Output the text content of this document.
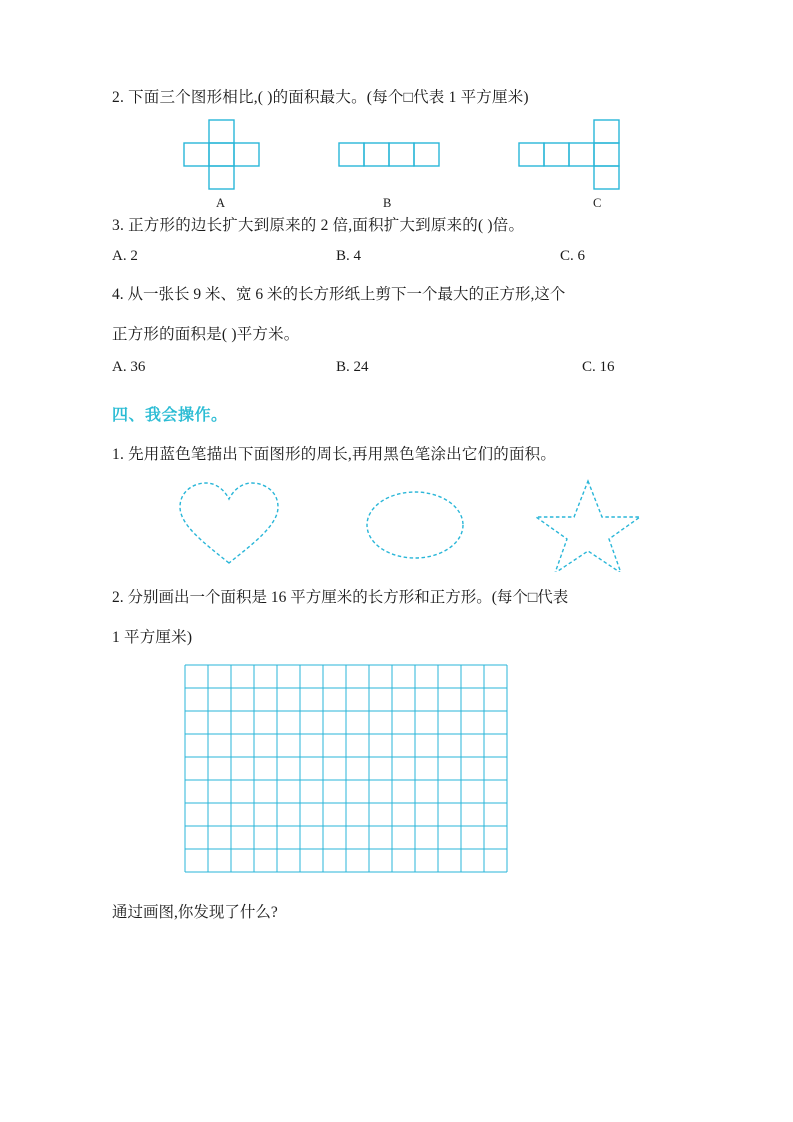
2. 下面三个图形相比,( )的面积最大。(每个□代表 1 平方厘米)

A	B	C

3. 正方形的边长扩大到原来的 2 倍,面积扩大到原来的( )倍。

A. 2	B. 4	C. 6

4. 从一张长 9 米、宽 6 米的长方形纸上剪下一个最大的正方形,这个

正方形的面积是( )平方米。

A. 36	B. 24	C. 16

四、我会操作。

1. 先用蓝色笔描出下面图形的周长,再用黑色笔涂出它们的面积。

2. 分别画出一个面积是 16 平方厘米的长方形和正方形。(每个□代表

1 平方厘米)

通过画图,你发现了什么?
